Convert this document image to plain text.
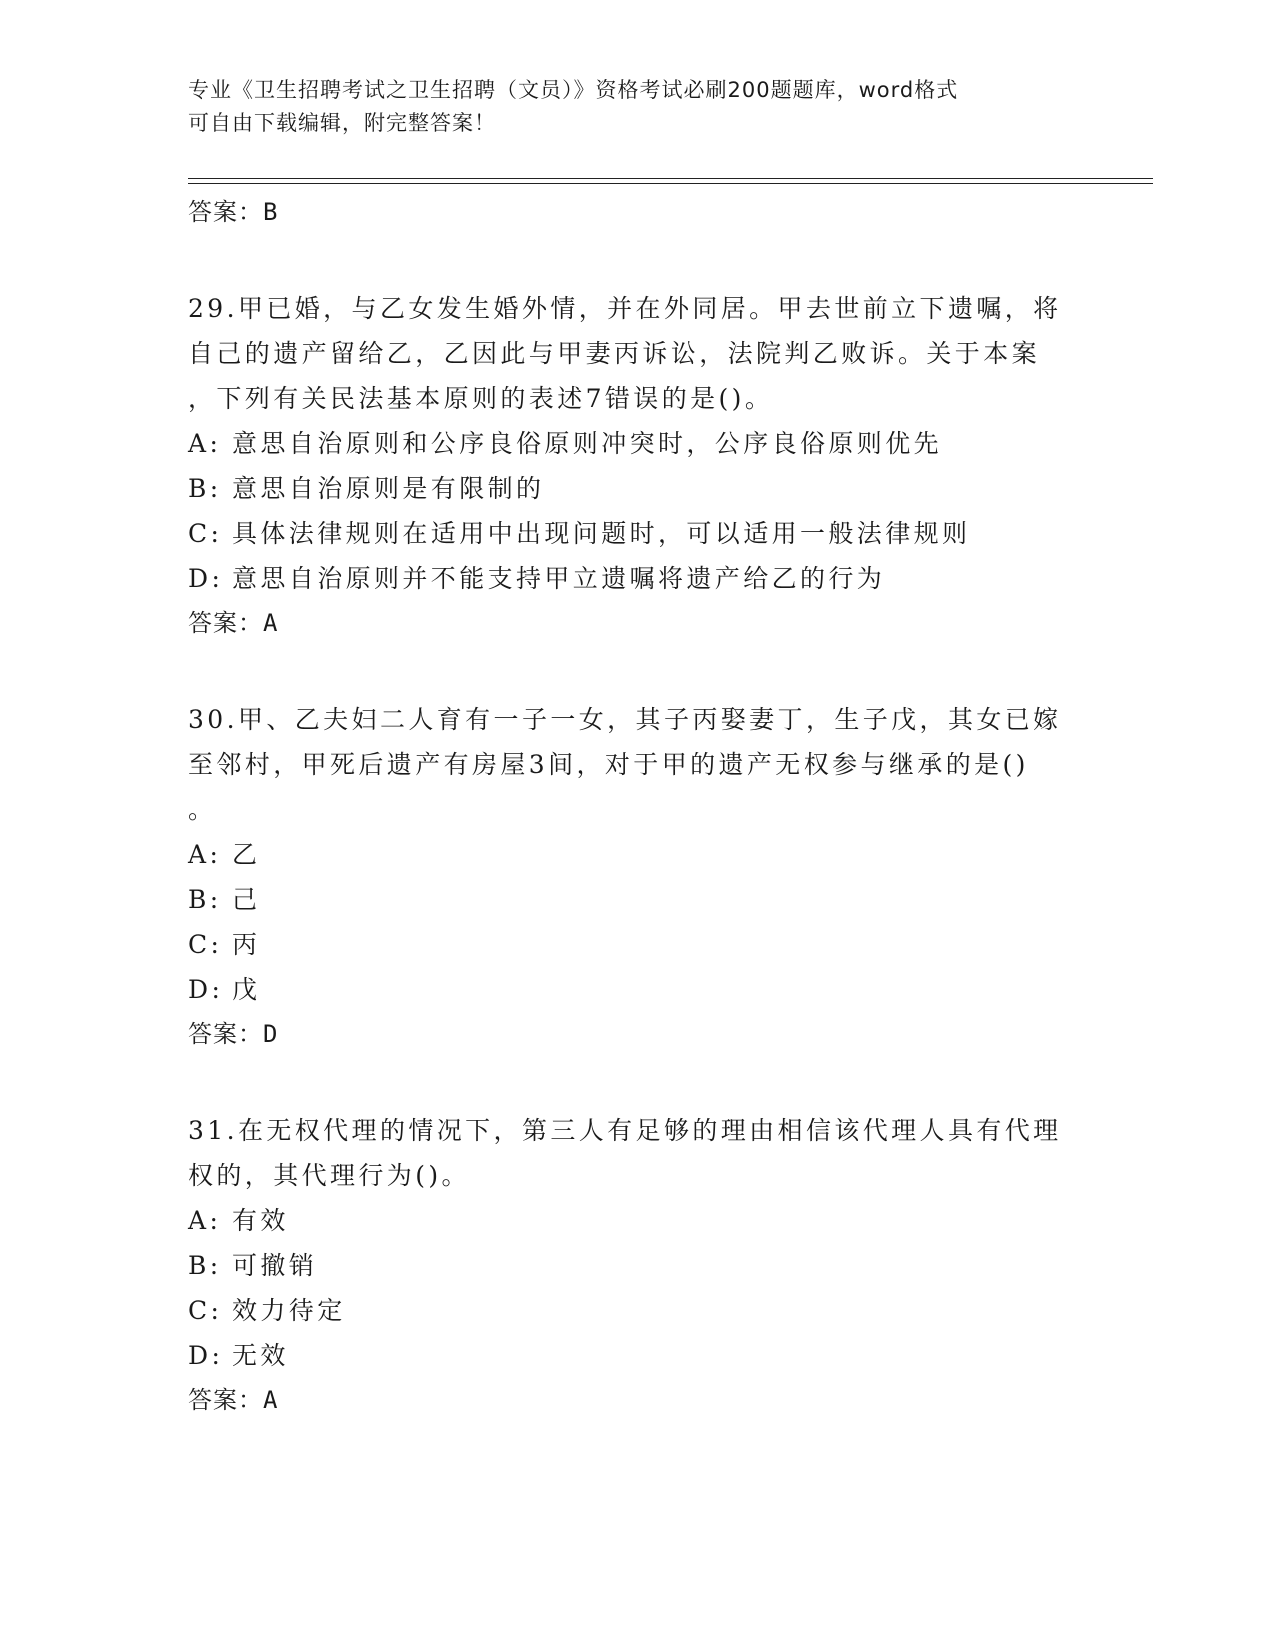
专业《卫生招聘考试之卫生招聘（文员）》资格考试必刷200题题库，word格式
可自由下载编辑，附完整答案！
答案：B
29.甲已婚，与乙女发生婚外情，并在外同居。甲去世前立下遗嘱，将
自己的遗产留给乙，乙因此与甲妻丙诉讼，法院判乙败诉。关于本案
，下列有关民法基本原则的表述7错误的是()。
A: 意思自治原则和公序良俗原则冲突时，公序良俗原则优先
B: 意思自治原则是有限制的
C: 具体法律规则在适用中出现问题时，可以适用一般法律规则
D: 意思自治原则并不能支持甲立遗嘱将遗产给乙的行为
答案：A
30.甲、乙夫妇二人育有一子一女，其子丙娶妻丁，生子戊，其女已嫁
至邻村，甲死后遗产有房屋3间，对于甲的遗产无权参与继承的是()
。
A: 乙
B: 己
C: 丙
D: 戊
答案：D
31.在无权代理的情况下，第三人有足够的理由相信该代理人具有代理
权的，其代理行为()。
A: 有效
B: 可撤销
C: 效力待定
D: 无效
答案：A
